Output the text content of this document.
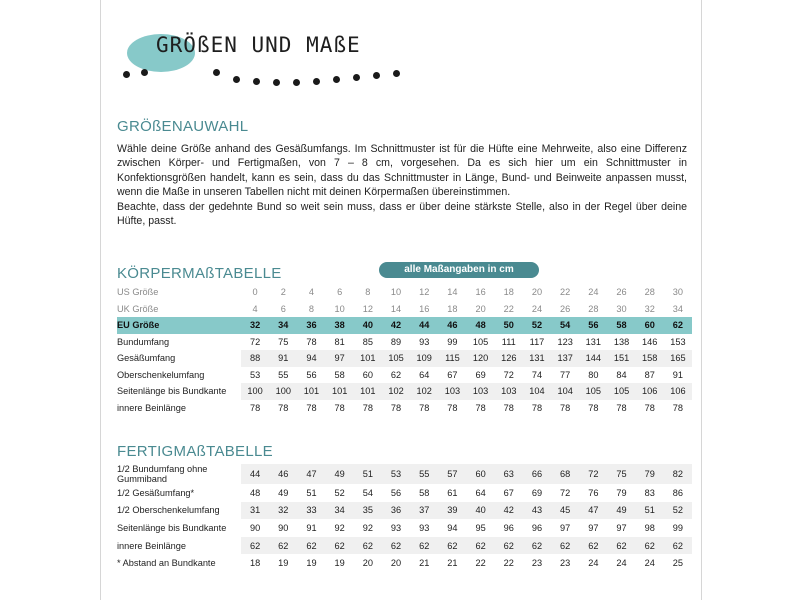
GRÖßEN UND MAßE
GRÖßENAUWAHL

Wähle deine Größe anhand des Gesäßumfangs. Im Schnittmuster ist für die Hüfte eine Mehrweite, also eine Differenz zwischen Körper- und Fertigmaßen, von 7 – 8 cm, vorgesehen. Da es sich hier um ein Schnittmuster in Konfektionsgrößen handelt, kann es sein, dass du das Schnittmuster in Länge, Bund- und Beinweite anpassen musst, wenn die Maße in unseren Tabellen nicht mit deinen Körpermaßen übereinstimmen.

Beachte, dass der gedehnte Bund so weit sein muss, dass er über deine stärkste Stelle, also in der Regel über deine Hüfte, passt.

KÖRPERMAßTABELLE	alle Maßangaben in cm
US Größe	0	2	4	6	8	10	12	14	16	18	20	22	24	26	28	30
UK Größe	4	6	8	10	12	14	16	18	20	22	24	26	28	30	32	34
EU Größe	32	34	36	38	40	42	44	46	48	50	52	54	56	58	60	62
Bundumfang	72	75	78	81	85	89	93	99	105	111	117	123	131	138	146	153
Gesäßumfang	88	91	94	97	101	105	109	115	120	126	131	137	144	151	158	165
Oberschenkelumfang	53	55	56	58	60	62	64	67	69	72	74	77	80	84	87	91
Seitenlänge bis Bundkante	100	100	101	101	101	102	102	103	103	103	104	104	105	105	106	106
innere Beinlänge	78	78	78	78	78	78	78	78	78	78	78	78	78	78	78	78
FERTIGMAßTABELLE
1/2 Bundumfang ohne Gummiband	44	46	47	49	51	53	55	57	60	63	66	68	72	75	79	82
1/2 Gesäßumfang*	48	49	51	52	54	56	58	61	64	67	69	72	76	79	83	86
1/2 Oberschenkelumfang	31	32	33	34	35	36	37	39	40	42	43	45	47	49	51	52
Seitenlänge bis Bundkante	90	90	91	92	92	93	93	94	95	96	96	97	97	97	98	99
innere Beinlänge	62	62	62	62	62	62	62	62	62	62	62	62	62	62	62	62
* Abstand an Bundkante	18	19	19	19	20	20	21	21	22	22	23	23	24	24	24	25
